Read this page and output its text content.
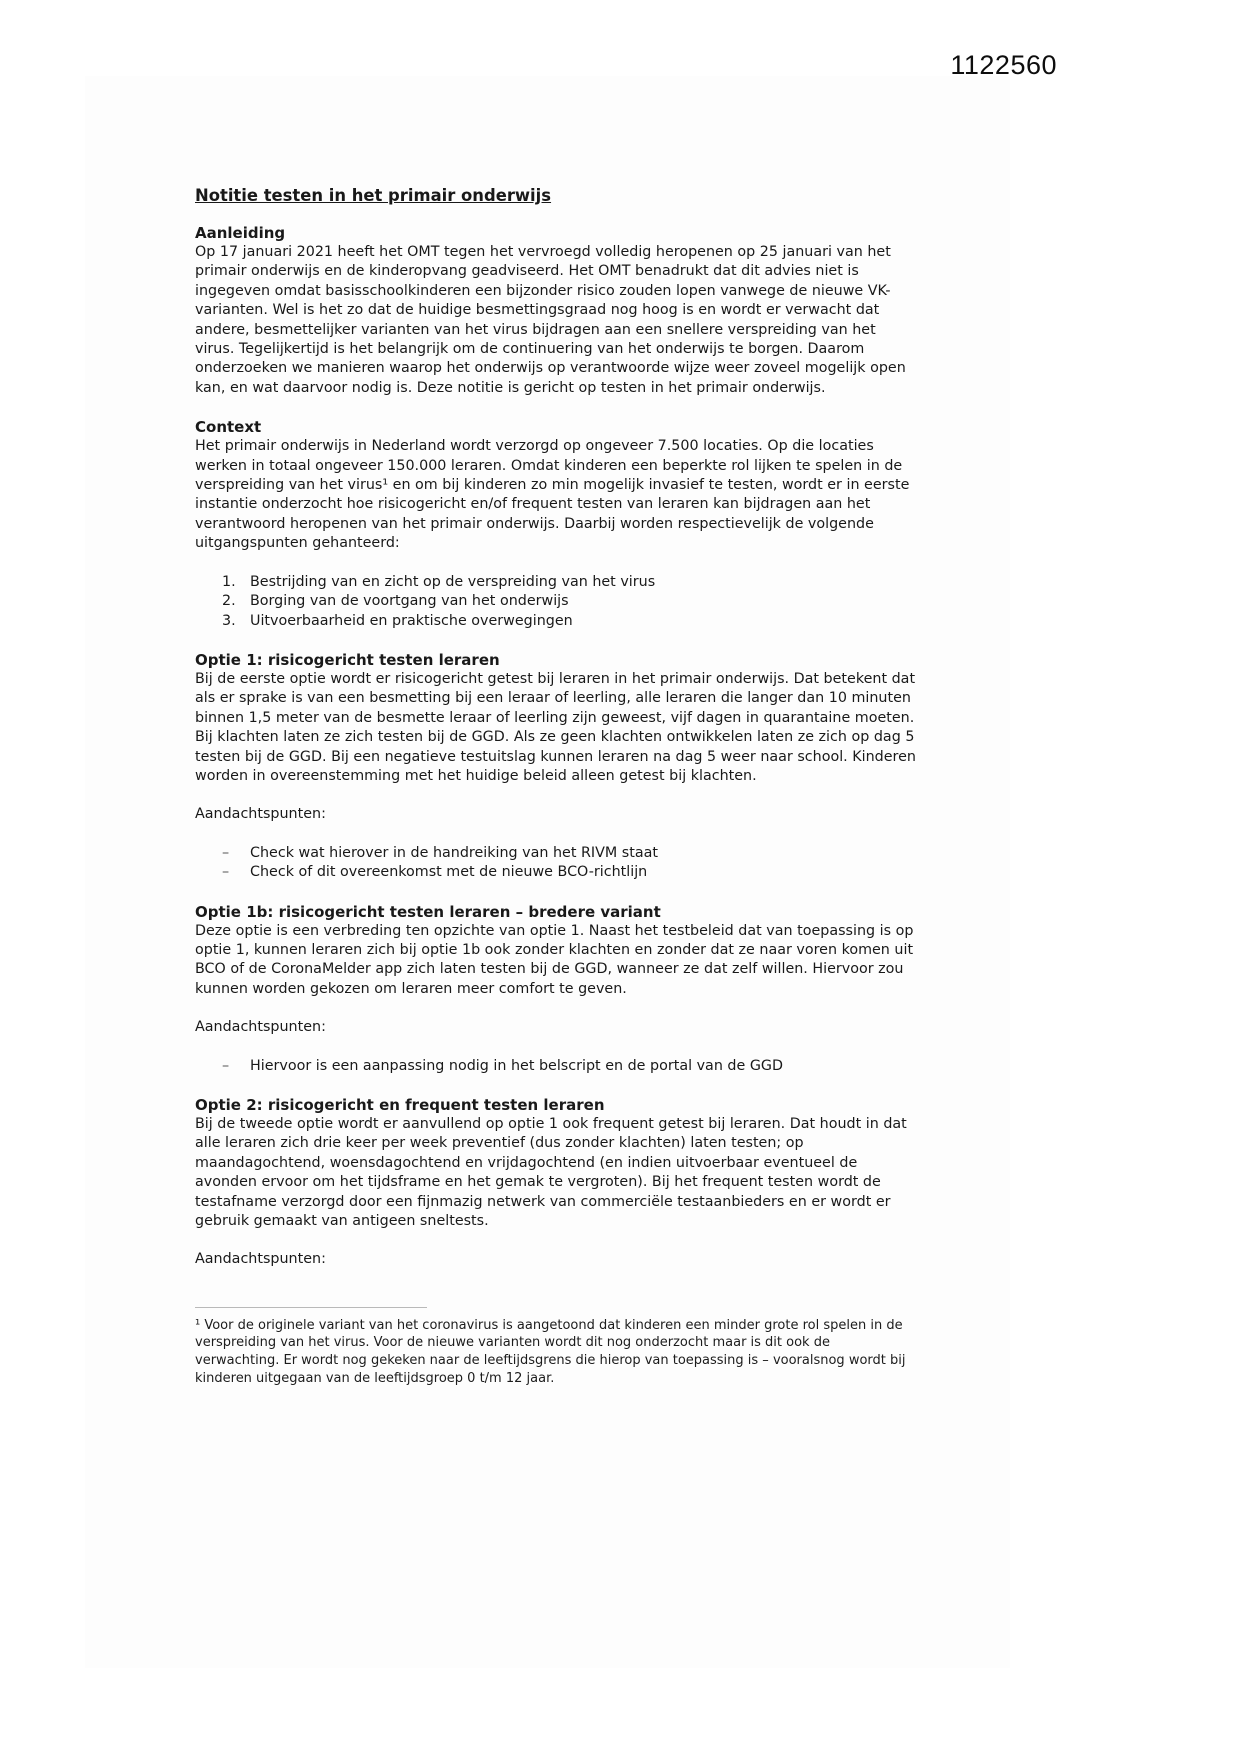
1122560
Notitie testen in het primair onderwijs
Aanleiding

Op 17 januari 2021 heeft het OMT tegen het vervroegd volledig heropenen op 25 januari van het primair onderwijs en de kinderopvang geadviseerd. Het OMT benadrukt dat dit advies niet is ingegeven omdat basisschoolkinderen een bijzonder risico zouden lopen vanwege de nieuwe VK-varianten. Wel is het zo dat de huidige besmettingsgraad nog hoog is en wordt er verwacht dat andere, besmettelijker varianten van het virus bijdragen aan een snellere verspreiding van het virus. Tegelijkertijd is het belangrijk om de continuering van het onderwijs te borgen. Daarom onderzoeken we manieren waarop het onderwijs op verantwoorde wijze weer zoveel mogelijk open kan, en wat daarvoor nodig is. Deze notitie is gericht op testen in het primair onderwijs.

Context

Het primair onderwijs in Nederland wordt verzorgd op ongeveer 7.500 locaties. Op die locaties werken in totaal ongeveer 150.000 leraren. Omdat kinderen een beperkte rol lijken te spelen in de verspreiding van het virus¹ en om bij kinderen zo min mogelijk invasief te testen, wordt er in eerste instantie onderzocht hoe risicogericht en/of frequent testen van leraren kan bijdragen aan het verantwoord heropenen van het primair onderwijs. Daarbij worden respectievelijk de volgende uitgangspunten gehanteerd:

Bestrijding van en zicht op de verspreiding van het virus
Borging van de voortgang van het onderwijs
Uitvoerbaarheid en praktische overwegingen
Optie 1: risicogericht testen leraren

Bij de eerste optie wordt er risicogericht getest bij leraren in het primair onderwijs. Dat betekent dat als er sprake is van een besmetting bij een leraar of leerling, alle leraren die langer dan 10 minuten binnen 1,5 meter van de besmette leraar of leerling zijn geweest, vijf dagen in quarantaine moeten. Bij klachten laten ze zich testen bij de GGD. Als ze geen klachten ontwikkelen laten ze zich op dag 5 testen bij de GGD. Bij een negatieve testuitslag kunnen leraren na dag 5 weer naar school. Kinderen worden in overeenstemming met het huidige beleid alleen getest bij klachten.

Aandachtspunten:

– Check wat hierover in de handreiking van het RIVM staat
– Check of dit overeenkomst met de nieuwe BCO-richtlijn
Optie 1b: risicogericht testen leraren – bredere variant

Deze optie is een verbreding ten opzichte van optie 1. Naast het testbeleid dat van toepassing is op optie 1, kunnen leraren zich bij optie 1b ook zonder klachten en zonder dat ze naar voren komen uit BCO of de CoronaMelder app zich laten testen bij de GGD, wanneer ze dat zelf willen. Hiervoor zou kunnen worden gekozen om leraren meer comfort te geven.

Aandachtspunten:

– Hiervoor is een aanpassing nodig in het belscript en de portal van de GGD
Optie 2: risicogericht en frequent testen leraren

Bij de tweede optie wordt er aanvullend op optie 1 ook frequent getest bij leraren. Dat houdt in dat alle leraren zich drie keer per week preventief (dus zonder klachten) laten testen; op maandagochtend, woensdagochtend en vrijdagochtend (en indien uitvoerbaar eventueel de avonden ervoor om het tijdsframe en het gemak te vergroten). Bij het frequent testen wordt de testafname verzorgd door een fijnmazig netwerk van commerciële testaanbieders en er wordt er gebruik gemaakt van antigeen sneltests.

Aandachtspunten:

¹ Voor de originele variant van het coronavirus is aangetoond dat kinderen een minder grote rol spelen in de verspreiding van het virus. Voor de nieuwe varianten wordt dit nog onderzocht maar is dit ook de verwachting. Er wordt nog gekeken naar de leeftijdsgrens die hierop van toepassing is – vooralsnog wordt bij kinderen uitgegaan van de leeftijdsgroep 0 t/m 12 jaar.
